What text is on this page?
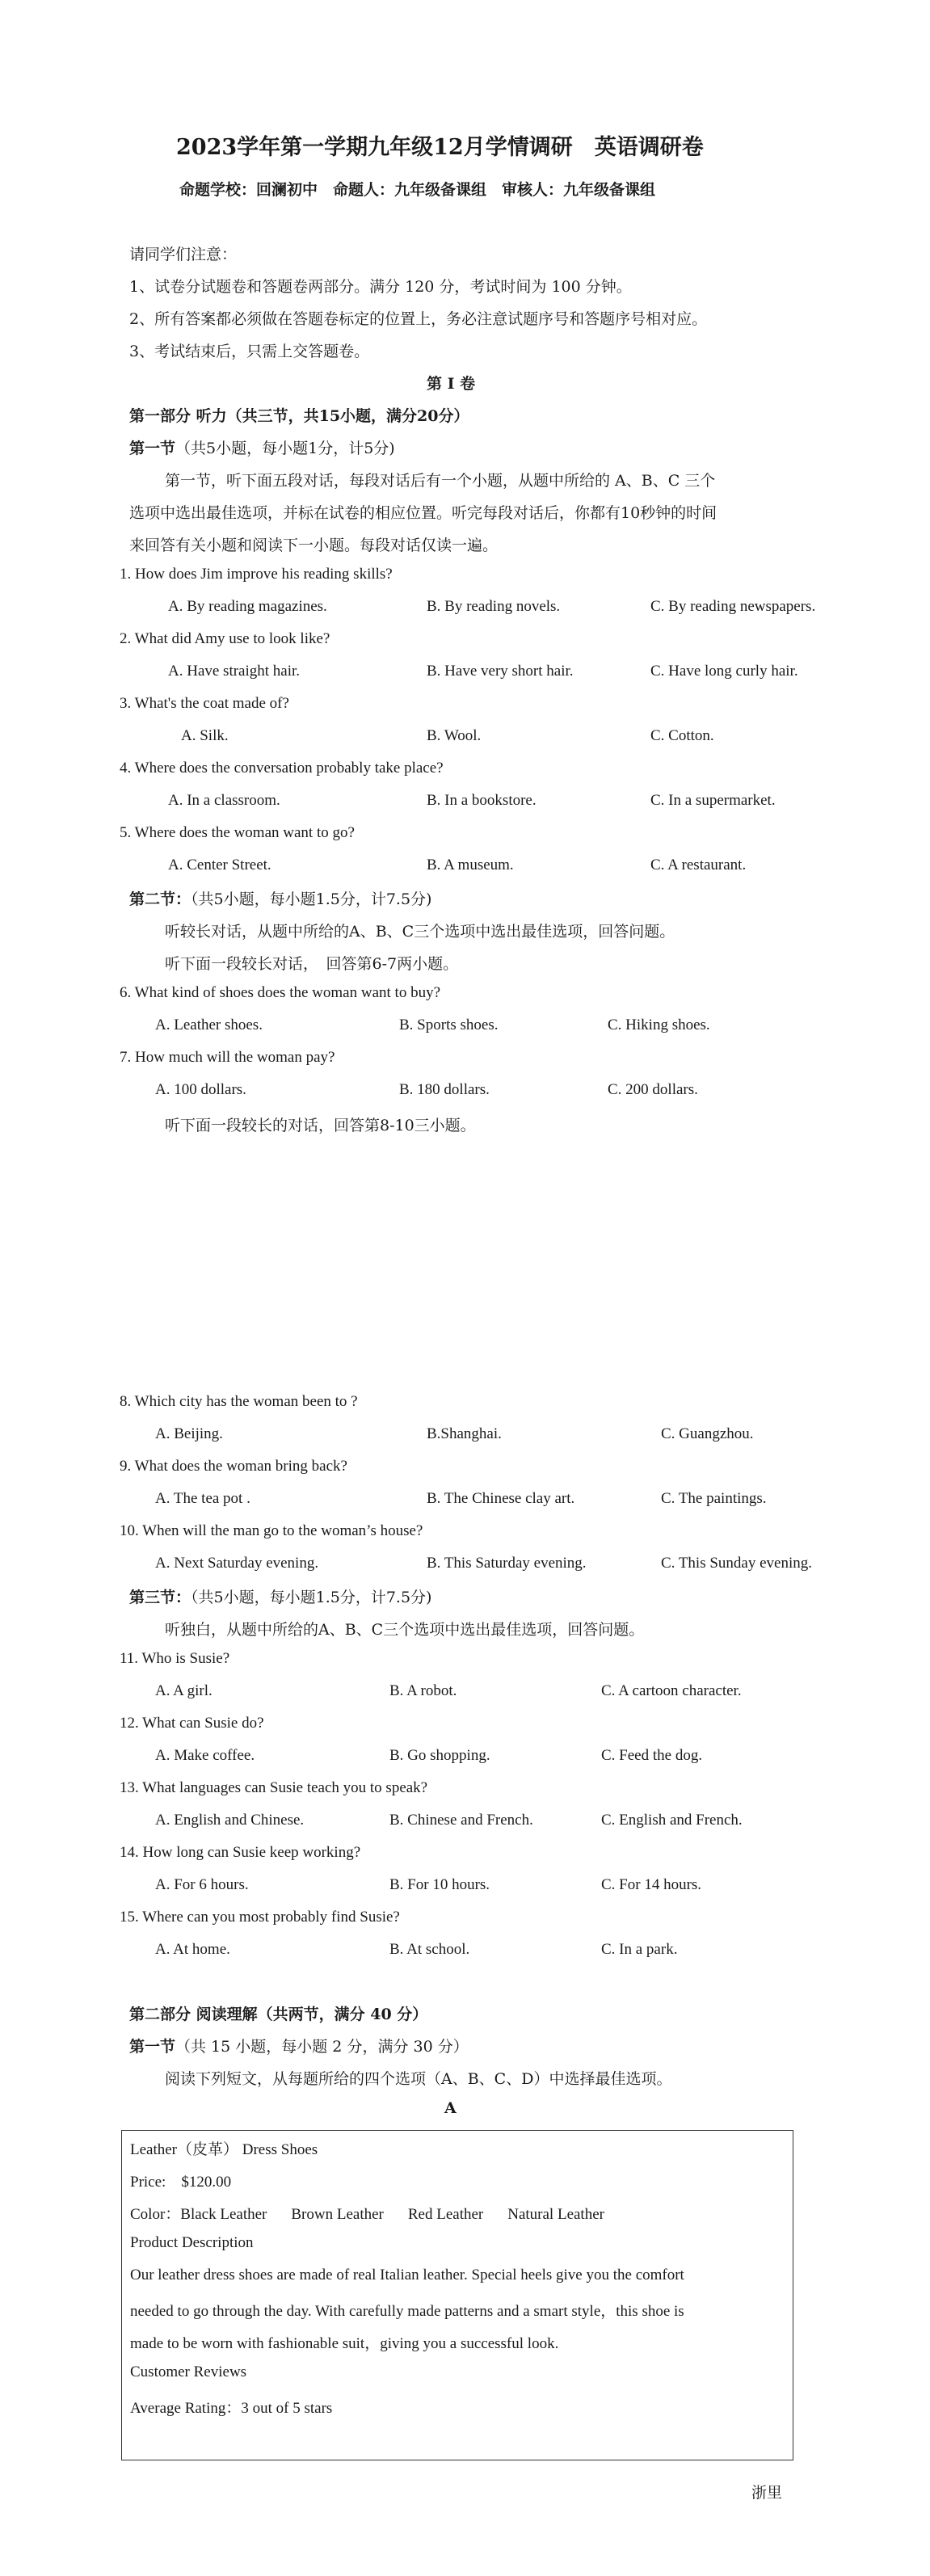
2023学年第一学期九年级12月学情调研　英语调研卷
命题学校：回澜初中　命题人：九年级备课组　审核人：九年级备课组
请同学们注意：
1、试卷分试题卷和答题卷两部分。满分 120 分，考试时间为 100 分钟。
2、所有答案都必须做在答题卷标定的位置上，务必注意试题序号和答题序号相对应。
3、考试结束后，只需上交答题卷。
第 I 卷
第一部分 听力（共三节，共15小题，满分20分）
第一节（共5小题，每小题1分，计5分)
第一节，听下面五段对话，每段对话后有一个小题，从题中所给的 A、B、C 三个
选项中选出最佳选项，并标在试卷的相应位置。听完每段对话后，你都有10秒钟的时间
来回答有关小题和阅读下一小题。每段对话仅读一遍。
1. How does Jim improve his reading skills?
A. By reading magazines.	B. By reading novels.	C. By reading newspapers.
2. What did Amy use to look like?
A. Have straight hair.	B. Have very short hair.	C. Have long curly hair.
3. What's the coat made of?
A. Silk.	B. Wool.	C. Cotton.
4. Where does the conversation probably take place?
A. In a classroom.	B. In a bookstore.	C. In a supermarket.
5. Where does the woman want to go?
A. Center Street.	B. A museum.	C. A restaurant.
第二节：（共5小题，每小题1.5分，计7.5分)
听较长对话，从题中所给的A、B、C三个选项中选出最佳选项，回答问题。
听下面一段较长对话，　回答第6-7两小题。
6. What kind of shoes does the woman want to buy?
A. Leather shoes.	B. Sports shoes.	C. Hiking shoes.
7. How much will the woman pay?
A. 100 dollars.	B. 180 dollars.	C. 200 dollars.
听下面一段较长的对话，回答第8-10三小题。
8. Which city has the woman been to ?
A. Beijing.	B.Shanghai.	C. Guangzhou.
9. What does the woman bring back?
A. The tea pot .	B. The Chinese clay art.	C. The paintings.
10. When will the man go to the woman’s house?
A. Next Saturday evening.	B. This Saturday evening.	C. This Sunday evening.
第三节：（共5小题，每小题1.5分，计7.5分)
听独白，从题中所给的A、B、C三个选项中选出最佳选项，回答问题。
11. Who is Susie?
A. A girl.	B. A robot.	C. A cartoon character.
12. What can Susie do?
A. Make coffee.	B. Go shopping.	C. Feed the dog.
13. What languages can Susie teach you to speak?
A. English and Chinese.	B. Chinese and French.	C. English and French.
14. How long can Susie keep working?
A. For 6 hours.	B. For 10 hours.	C. For 14 hours.
15. Where can you most probably find Susie?
A. At home.	B. At school.	C. In a park.
第二部分 阅读理解（共两节，满分 40 分）
第一节（共 15 小题，每小题 2 分，满分 30 分）
阅读下列短文，从每题所给的四个选项（A、B、C、D）中选择最佳选项。
A
Leather（皮革） Dress Shoes
Price:　$120.00
Color：Black Leather Brown Leather Red Leather Natural Leather
Product Description
Our leather dress shoes are made of real Italian leather. Special heels give you the comfort
needed to go through the day. With carefully made patterns and a smart style，this shoe is
made to be worn with fashionable suit，giving you a successful look.
Customer Reviews
Average Rating：3 out of 5 stars
浙里
